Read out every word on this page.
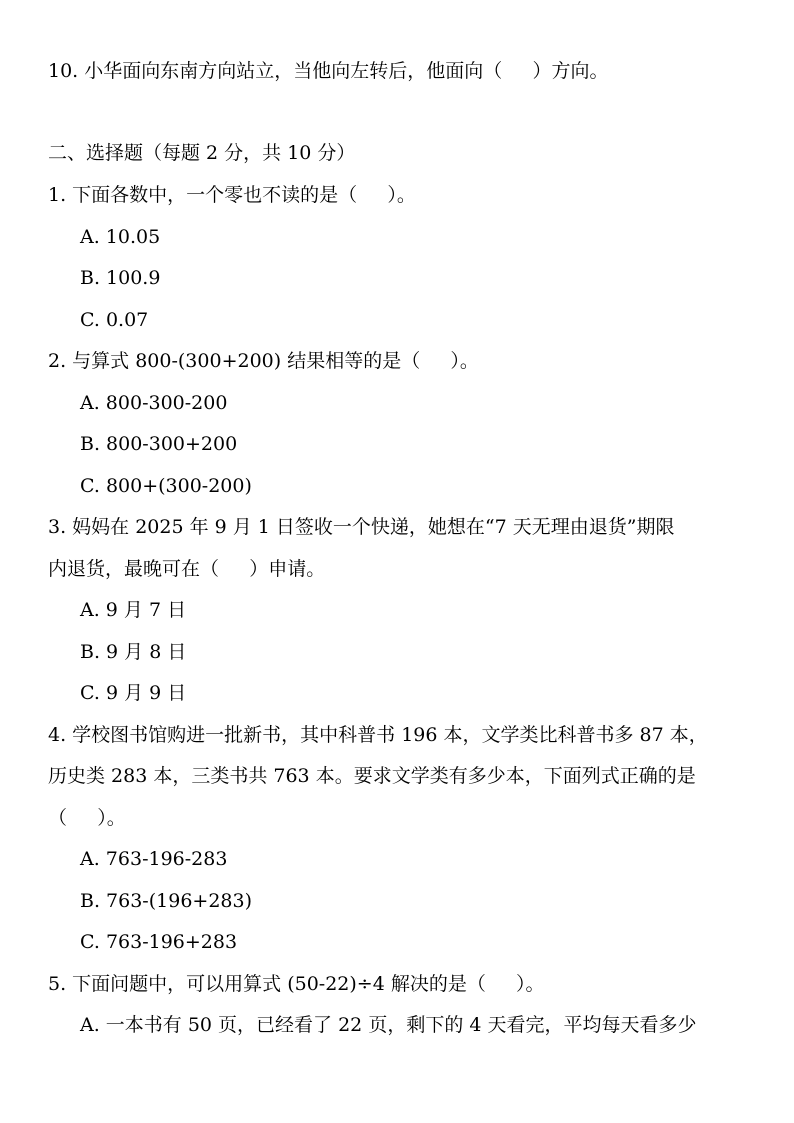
10. 小华面向东南方向站立，当他向左转后，他面向（     ）方向。
二、选择题（每题 2 分，共 10 分）
1. 下面各数中，一个零也不读的是（     ）。
A. 10.05
B. 100.9
C. 0.07
2. 与算式 800-(300+200) 结果相等的是（     ）。
A. 800-300-200
B. 800-300+200
C. 800+(300-200)
3. 妈妈在 2025 年 9 月 1 日签收一个快递，她想在“7 天无理由退货”期限
内退货，最晚可在（     ）申请。
A. 9 月 7 日
B. 9 月 8 日
C. 9 月 9 日
4. 学校图书馆购进一批新书，其中科普书 196 本，文学类比科普书多 87 本，
历史类 283 本，三类书共 763 本。要求文学类有多少本，下面列式正确的是
（     ）。
A. 763-196-283
B. 763-(196+283)
C. 763-196+283
5. 下面问题中，可以用算式 (50-22)÷4 解决的是（     ）。
A. 一本书有 50 页，已经看了 22 页，剩下的 4 天看完，平均每天看多少
